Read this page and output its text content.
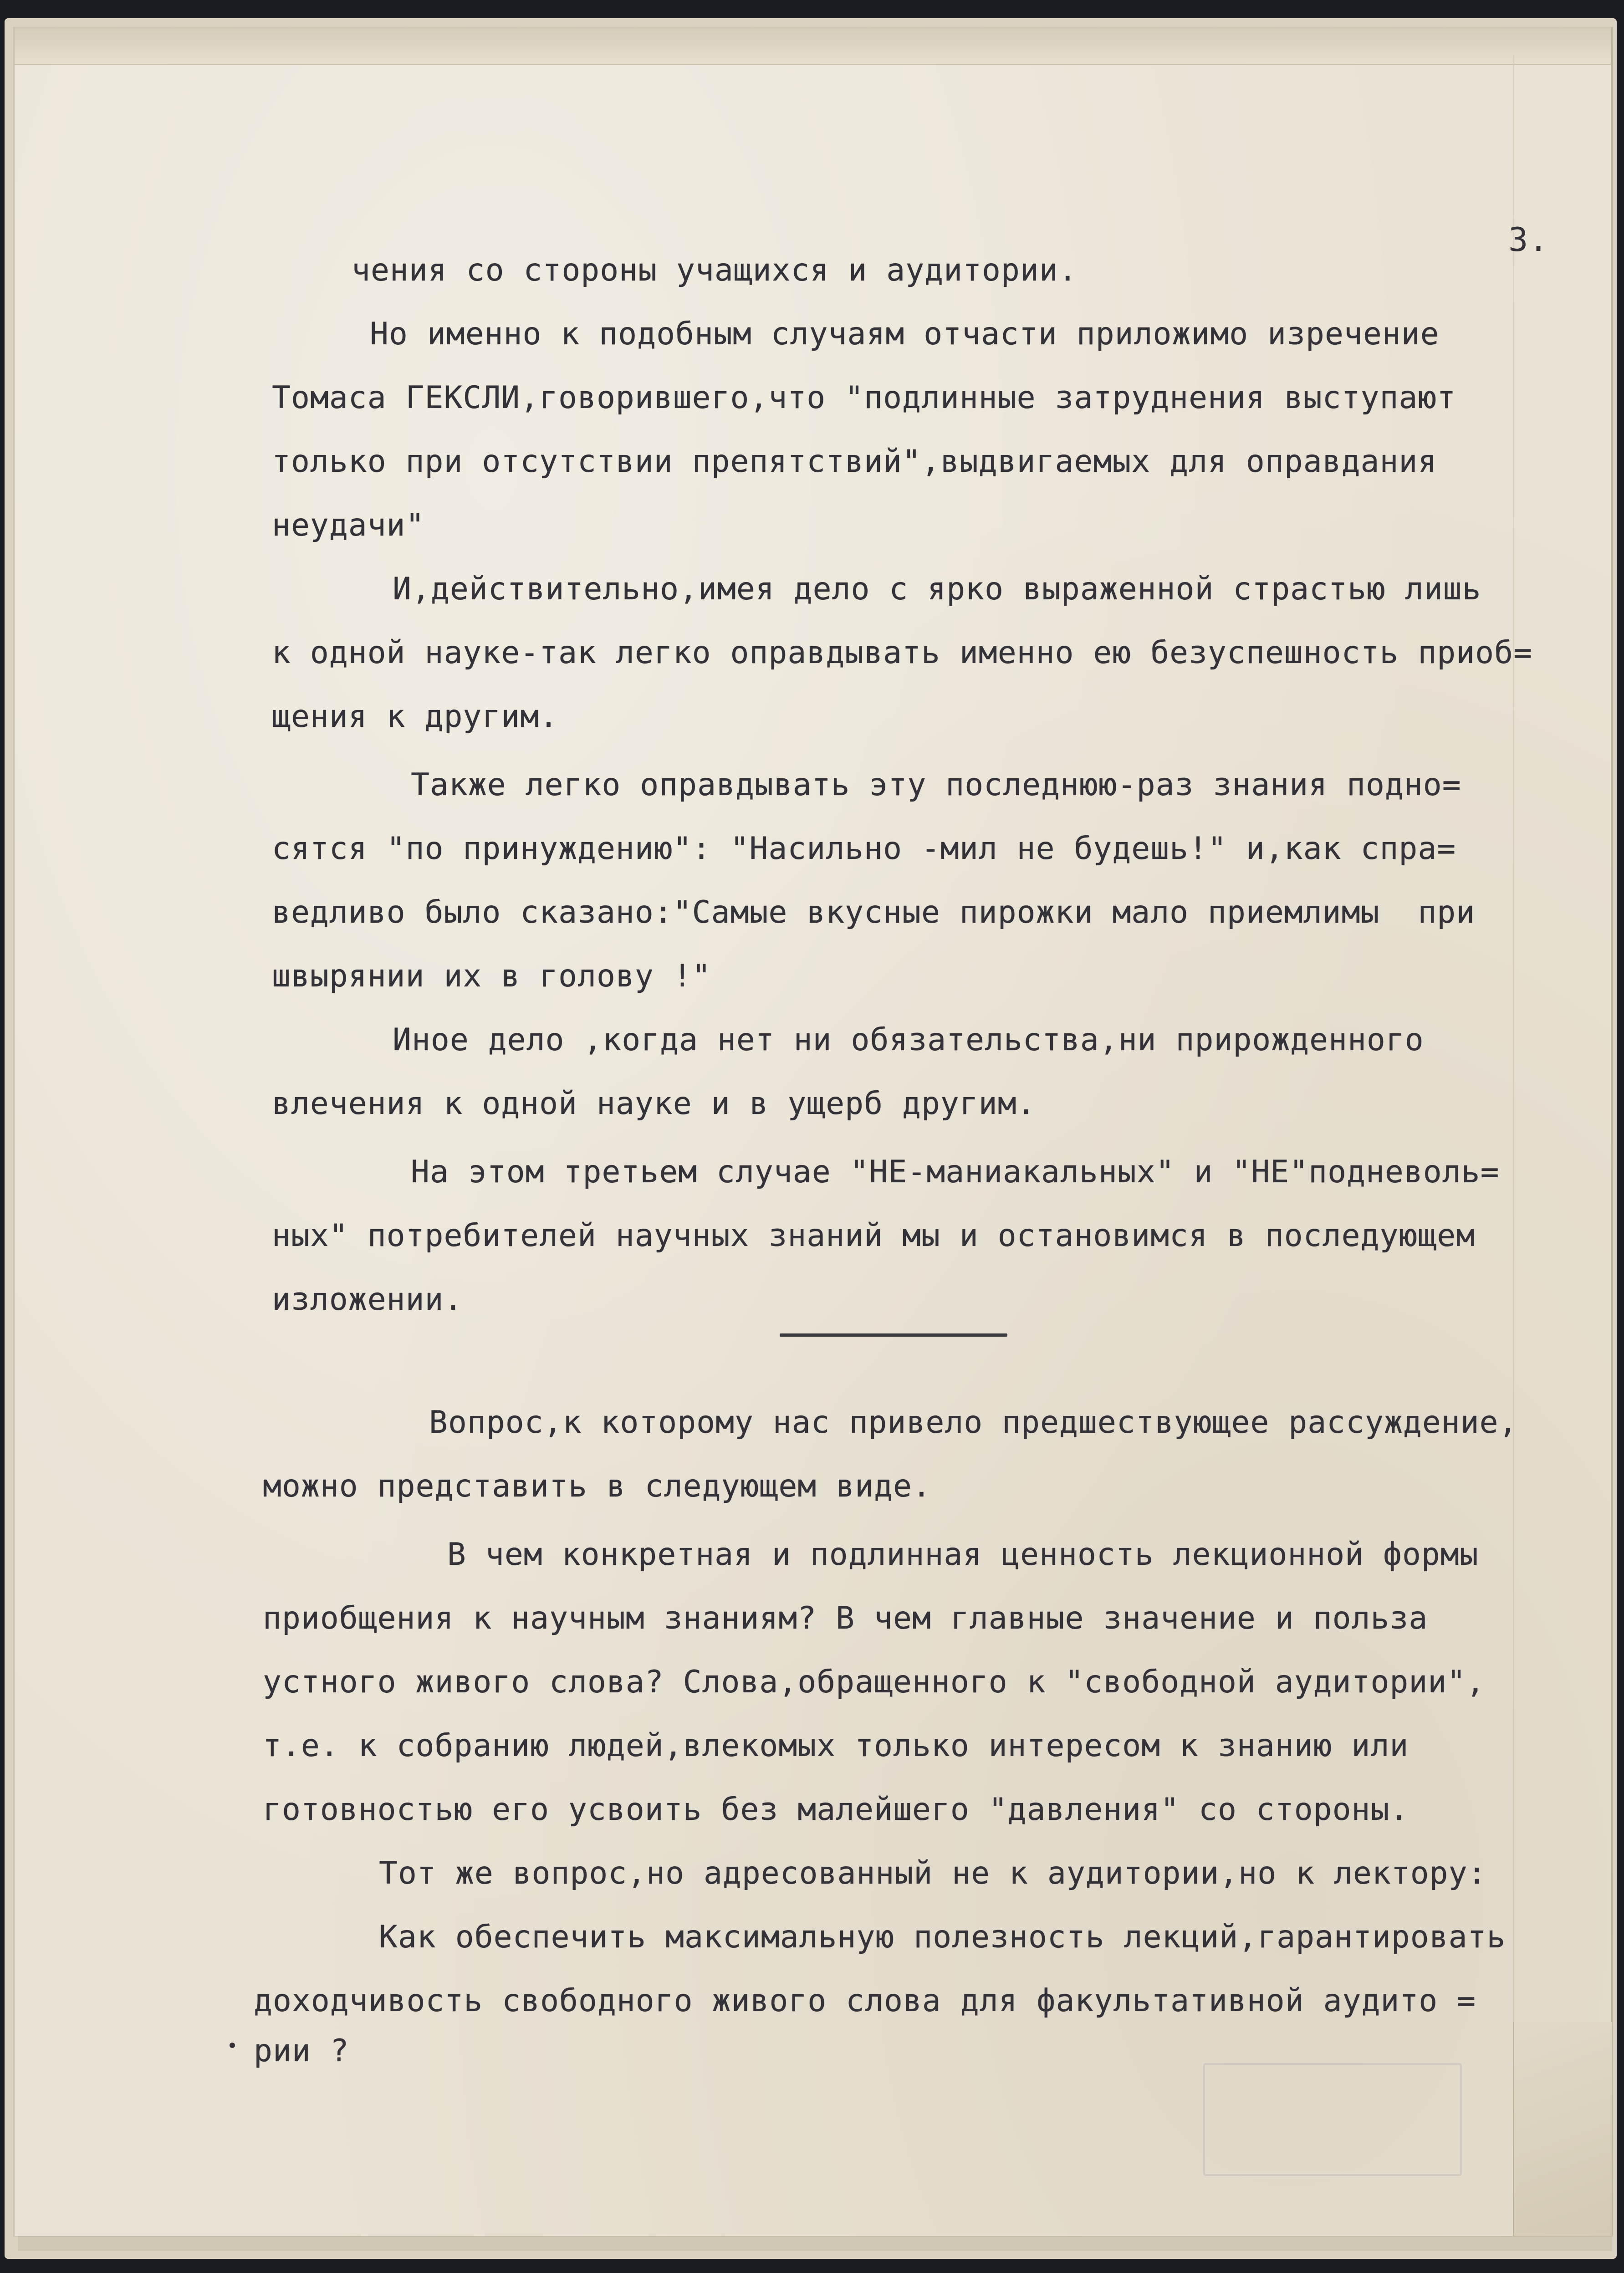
3.
чения со стороны учащихся и аудитории.
Но именно к подобным случаям отчасти приложимо изречение
Томаса ГЕКСЛИ,говорившего,что "подлинные затруднения выступают
только при отсутствии препятствий",выдвигаемых для оправдания
неудачи"
И,действительно,имея дело с ярко выраженной страстью лишь
к одной науке-так легко оправдывать именно ею безуспешность приоб=
щения к другим.
Также легко оправдывать эту последнюю-раз знания подно=
сятся "по принуждению": "Насильно -мил не будешь!" и,как спра=
ведливо было сказано:"Самые вкусные пирожки мало приемлимы  при
швырянии их в голову !"
Иное дело ,когда нет ни обязательства,ни прирожденного
влечения к одной науке и в ущерб другим.
На этом третьем случае "НЕ-маниакальных" и "НЕ"подневоль=
ных" потребителей научных знаний мы и остановимся в последующем
изложении.
Вопрос,к которому нас привело предшествующее рассуждение,
можно представить в следующем виде.
В чем конкретная и подлинная ценность лекционной формы
приобщения к научным знаниям? В чем главные значение и польза
устного живого слова? Слова,обращенного к "свободной аудитории",
т.е. к собранию людей,влекомых только интересом к знанию или
готовностью его усвоить без малейшего "давления" со стороны.
Тот же вопрос,но адресованный не к аудитории,но к лектору:
Как обеспечить максимальную полезность лекций,гарантировать
доходчивость свободного живого слова для факультативной аудито =
рии ?
